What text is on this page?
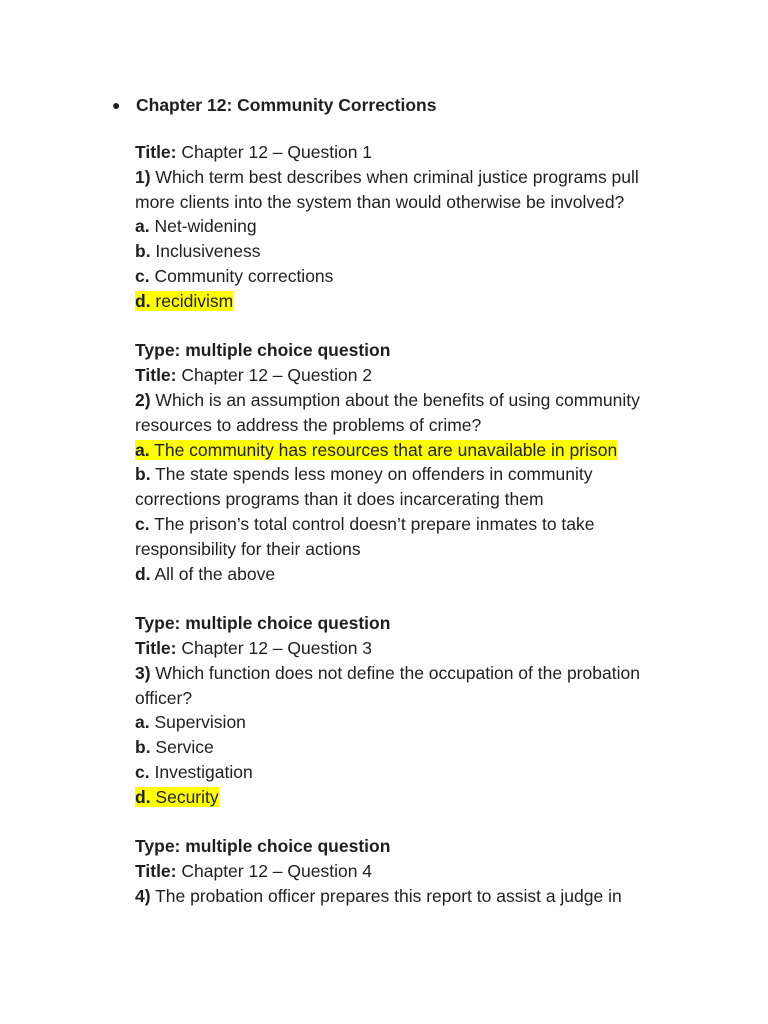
● Chapter 12: Community Corrections
Title: Chapter 12 – Question 1
1) Which term best describes when criminal justice programs pull
more clients into the system than would otherwise be involved?
a. Net-widening
b. Inclusiveness
c. Community corrections
d. recidivism
Type: multiple choice question
Title: Chapter 12 – Question 2
2) Which is an assumption about the benefits of using community
resources to address the problems of crime?
a. The community has resources that are unavailable in prison
b. The state spends less money on offenders in community
corrections programs than it does incarcerating them
c. The prison’s total control doesn’t prepare inmates to take
responsibility for their actions
d. All of the above
Type: multiple choice question
Title: Chapter 12 – Question 3
3) Which function does not define the occupation of the probation
officer?
a. Supervision
b. Service
c. Investigation
d. Security
Type: multiple choice question
Title: Chapter 12 – Question 4
4) The probation officer prepares this report to assist a judge in
